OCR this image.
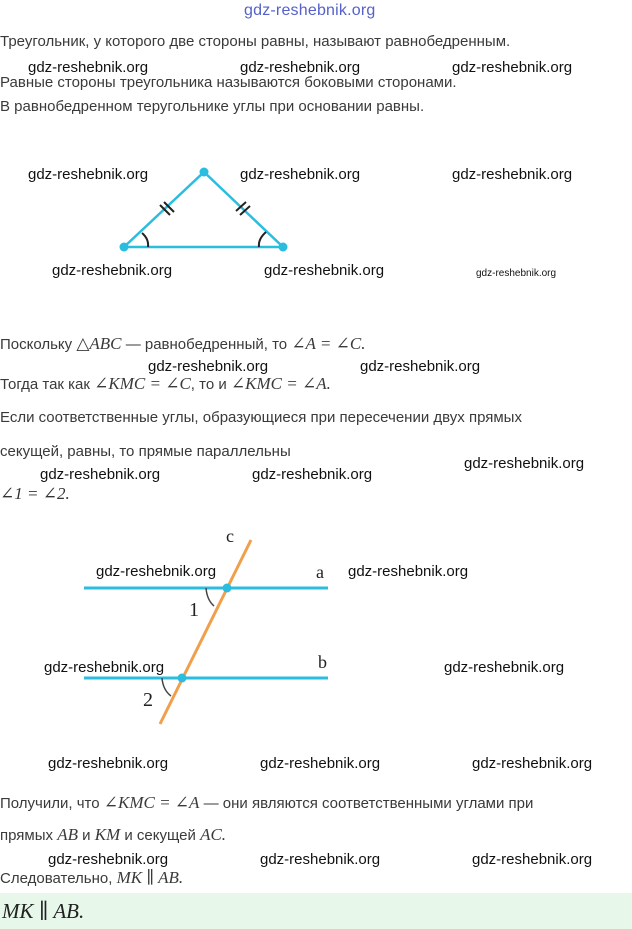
gdz-reshebnik.org
Треугольник, у которого две стороны равны, называют равнобедренным.
Равные стороны треугольника называются боковыми сторонами.
В равнобедренном теругольнике углы при основании равны.
gdz-reshebnik.org	gdz-reshebnik.org	gdz-reshebnik.org
gdz-reshebnik.org	gdz-reshebnik.org	gdz-reshebnik.org
gdz-reshebnik.org	gdz-reshebnik.org	gdz-reshebnik.org
Поскольку △ABC — равнобедренный, то ∠A = ∠C.
gdz-reshebnik.org	gdz-reshebnik.org
Тогда так как ∠KMC = ∠C, то и ∠KMC = ∠A.
Если соответственные углы, образующиеся при пересечении двух прямых
секущей, равны, то прямые параллельны
gdz-reshebnik.org
gdz-reshebnik.org	gdz-reshebnik.org
∠1 = ∠2.
c
a
b
1
2
gdz-reshebnik.org	gdz-reshebnik.org
gdz-reshebnik.org	gdz-reshebnik.org
gdz-reshebnik.org	gdz-reshebnik.org	gdz-reshebnik.org
Получили, что ∠KMC = ∠A — они являются соответственными углами при
прямых AB и KM и секущей AC.
gdz-reshebnik.org	gdz-reshebnik.org	gdz-reshebnik.org
Следовательно, MK ∥ AB.
MK ∥ AB.
